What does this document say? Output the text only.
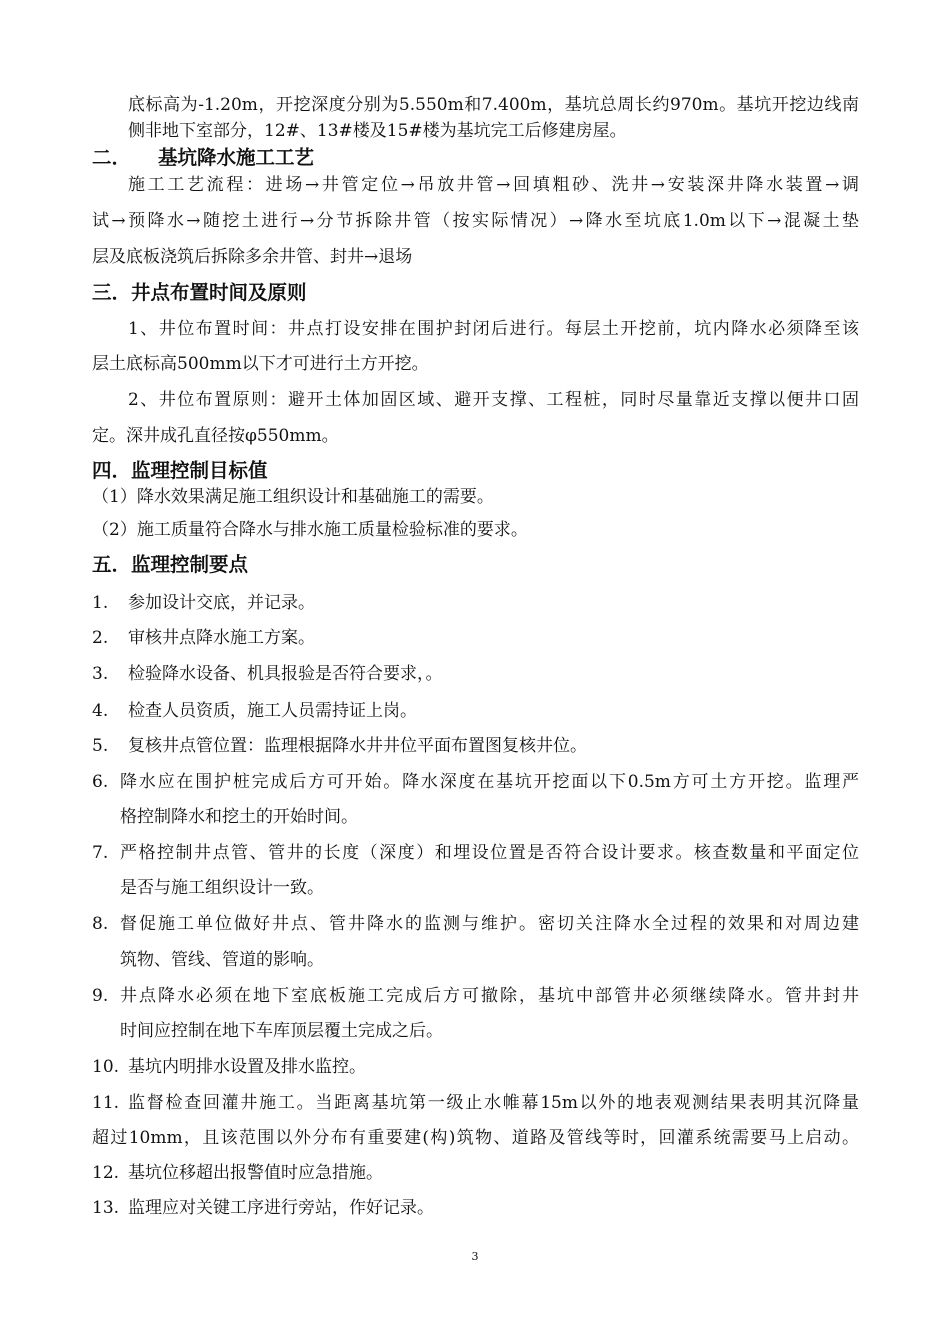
底标高为-1.20m，开挖深度分别为5.550m和7.400m，基坑总周长约970m。基坑开挖边线南
侧非地下室部分，12#、13#楼及15#楼为基坑完工后修建房屋。
二． 基坑降水施工工艺
施工工艺流程：进场→井管定位→吊放井管→回填粗砂、洗井→安装深井降水装置→调
试→预降水→随挖土进行→分节拆除井管（按实际情况）→降水至坑底1.0m以下→混凝土垫
层及底板浇筑后拆除多余井管、封井→退场
三．井点布置时间及原则
1、井位布置时间：井点打设安排在围护封闭后进行。每层土开挖前，坑内降水必须降至该
层土底标高500mm以下才可进行土方开挖。
2、井位布置原则：避开土体加固区域、避开支撑、工程桩，同时尽量靠近支撑以便井口固
定。深井成孔直径按φ550mm。
四．监理控制目标值
（1）降水效果满足施工组织设计和基础施工的需要。
（2）施工质量符合降水与排水施工质量检验标准的要求。
五．监理控制要点
1. 参加设计交底，并记录。
2. 审核井点降水施工方案。
3. 检验降水设备、机具报验是否符合要求，。
4. 检查人员资质，施工人员需持证上岗。
5. 复核井点管位置：监理根据降水井井位平面布置图复核井位。
6. 降水应在围护桩完成后方可开始。降水深度在基坑开挖面以下0.5m方可土方开挖。监理严
格控制降水和挖土的开始时间。
7. 严格控制井点管、管井的长度（深度）和埋设位置是否符合设计要求。核查数量和平面定位
是否与施工组织设计一致。
8. 督促施工单位做好井点、管井降水的监测与维护。密切关注降水全过程的效果和对周边建
筑物、管线、管道的影响。
9. 井点降水必须在地下室底板施工完成后方可撤除，基坑中部管井必须继续降水。管井封井
时间应控制在地下车库顶层覆土完成之后。
10. 基坑内明排水设置及排水监控。
11. 监督检查回灌井施工。当距离基坑第一级止水帷幕15m以外的地表观测结果表明其沉降量
超过10mm，且该范围以外分布有重要建(构)筑物、道路及管线等时，回灌系统需要马上启动。
12. 基坑位移超出报警值时应急措施。
13. 监理应对关键工序进行旁站，作好记录。
3
